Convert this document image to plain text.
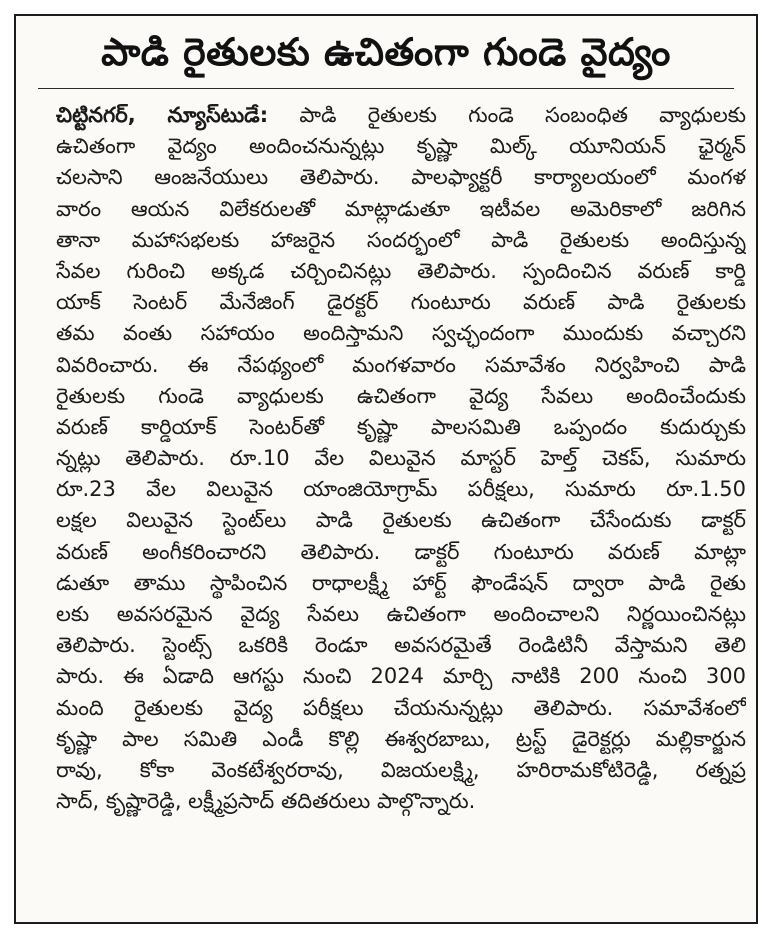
పాడి రైతులకు ఉచితంగా గుండె వైద్యం
చిట్టినగర్, న్యూస్‌టుడే: పాడి రైతులకు గుండె సంబంధిత వ్యాధులకు
ఉచితంగా వైద్యం అందించనున్నట్లు కృష్ణా మిల్క్ యూనియన్ ఛైర్మన్
చలసాని ఆంజనేయులు తెలిపారు. పాలఫ్యాక్టరీ కార్యాలయంలో మంగళ
వారం ఆయన విలేకరులతో మాట్లాడుతూ ఇటీవల అమెరికాలో జరిగిన
తానా మహాసభలకు హాజరైన సందర్భంలో పాడి రైతులకు అందిస్తున్న
సేవల గురించి అక్కడ చర్చించినట్లు తెలిపారు. స్పందించిన వరుణ్ కార్డి
యాక్ సెంటర్ మేనేజింగ్ డైరక్టర్ గుంటూరు వరుణ్ పాడి రైతులకు
తమ వంతు సహాయం అందిస్తామని స్వచ్ఛందంగా ముందుకు వచ్చారని
వివరించారు. ఈ నేపథ్యంలో మంగళవారం సమావేశం నిర్వహించి పాడి
రైతులకు గుండె వ్యాధులకు ఉచితంగా వైద్య సేవలు అందించేందుకు
వరుణ్ కార్డియాక్ సెంటర్‌తో కృష్ణా పాలసమితి ఒప్పందం కుదుర్చుకు
న్నట్లు తెలిపారు. రూ.10 వేల విలువైన మాస్టర్ హెల్త్ చెకప్, సుమారు
రూ.23 వేల విలువైన యాంజియోగ్రామ్ పరీక్షలు, సుమారు రూ.1.50
లక్షల విలువైన స్టెంట్‌లు పాడి రైతులకు ఉచితంగా చేసేందుకు డాక్టర్
వరుణ్ అంగీకరించారని తెలిపారు. డాక్టర్ గుంటూరు వరుణ్ మాట్లా
డుతూ తాము స్థాపించిన రాధాలక్ష్మీ హార్ట్ ఫౌండేషన్ ద్వారా పాడి రైతు
లకు అవసరమైన వైద్య సేవలు ఉచితంగా అందించాలని నిర్ణయించినట్లు
తెలిపారు. స్టెంట్స్ ఒకరికి రెండూ అవసరమైతే రెండిటినీ వేస్తామని తెలి
పారు. ఈ ఏడాది ఆగస్టు నుంచి 2024 మార్చి నాటికి 200 నుంచి 300
మంది రైతులకు వైద్య పరీక్షలు చేయనున్నట్లు తెలిపారు. సమావేశంలో
కృష్ణా పాల సమితి ఎండీ కొల్లి ఈశ్వరబాబు, ట్రస్ట్ డైరెక్టర్లు మల్లికార్జున
రావు, కోకా వెంకటేశ్వరరావు, విజయలక్ష్మి, హరిరామకోటిరెడ్డి, రత్నప్ర
సాద్, కృష్ణారెడ్డి, లక్ష్మీప్రసాద్ తదితరులు పాల్గొన్నారు.
